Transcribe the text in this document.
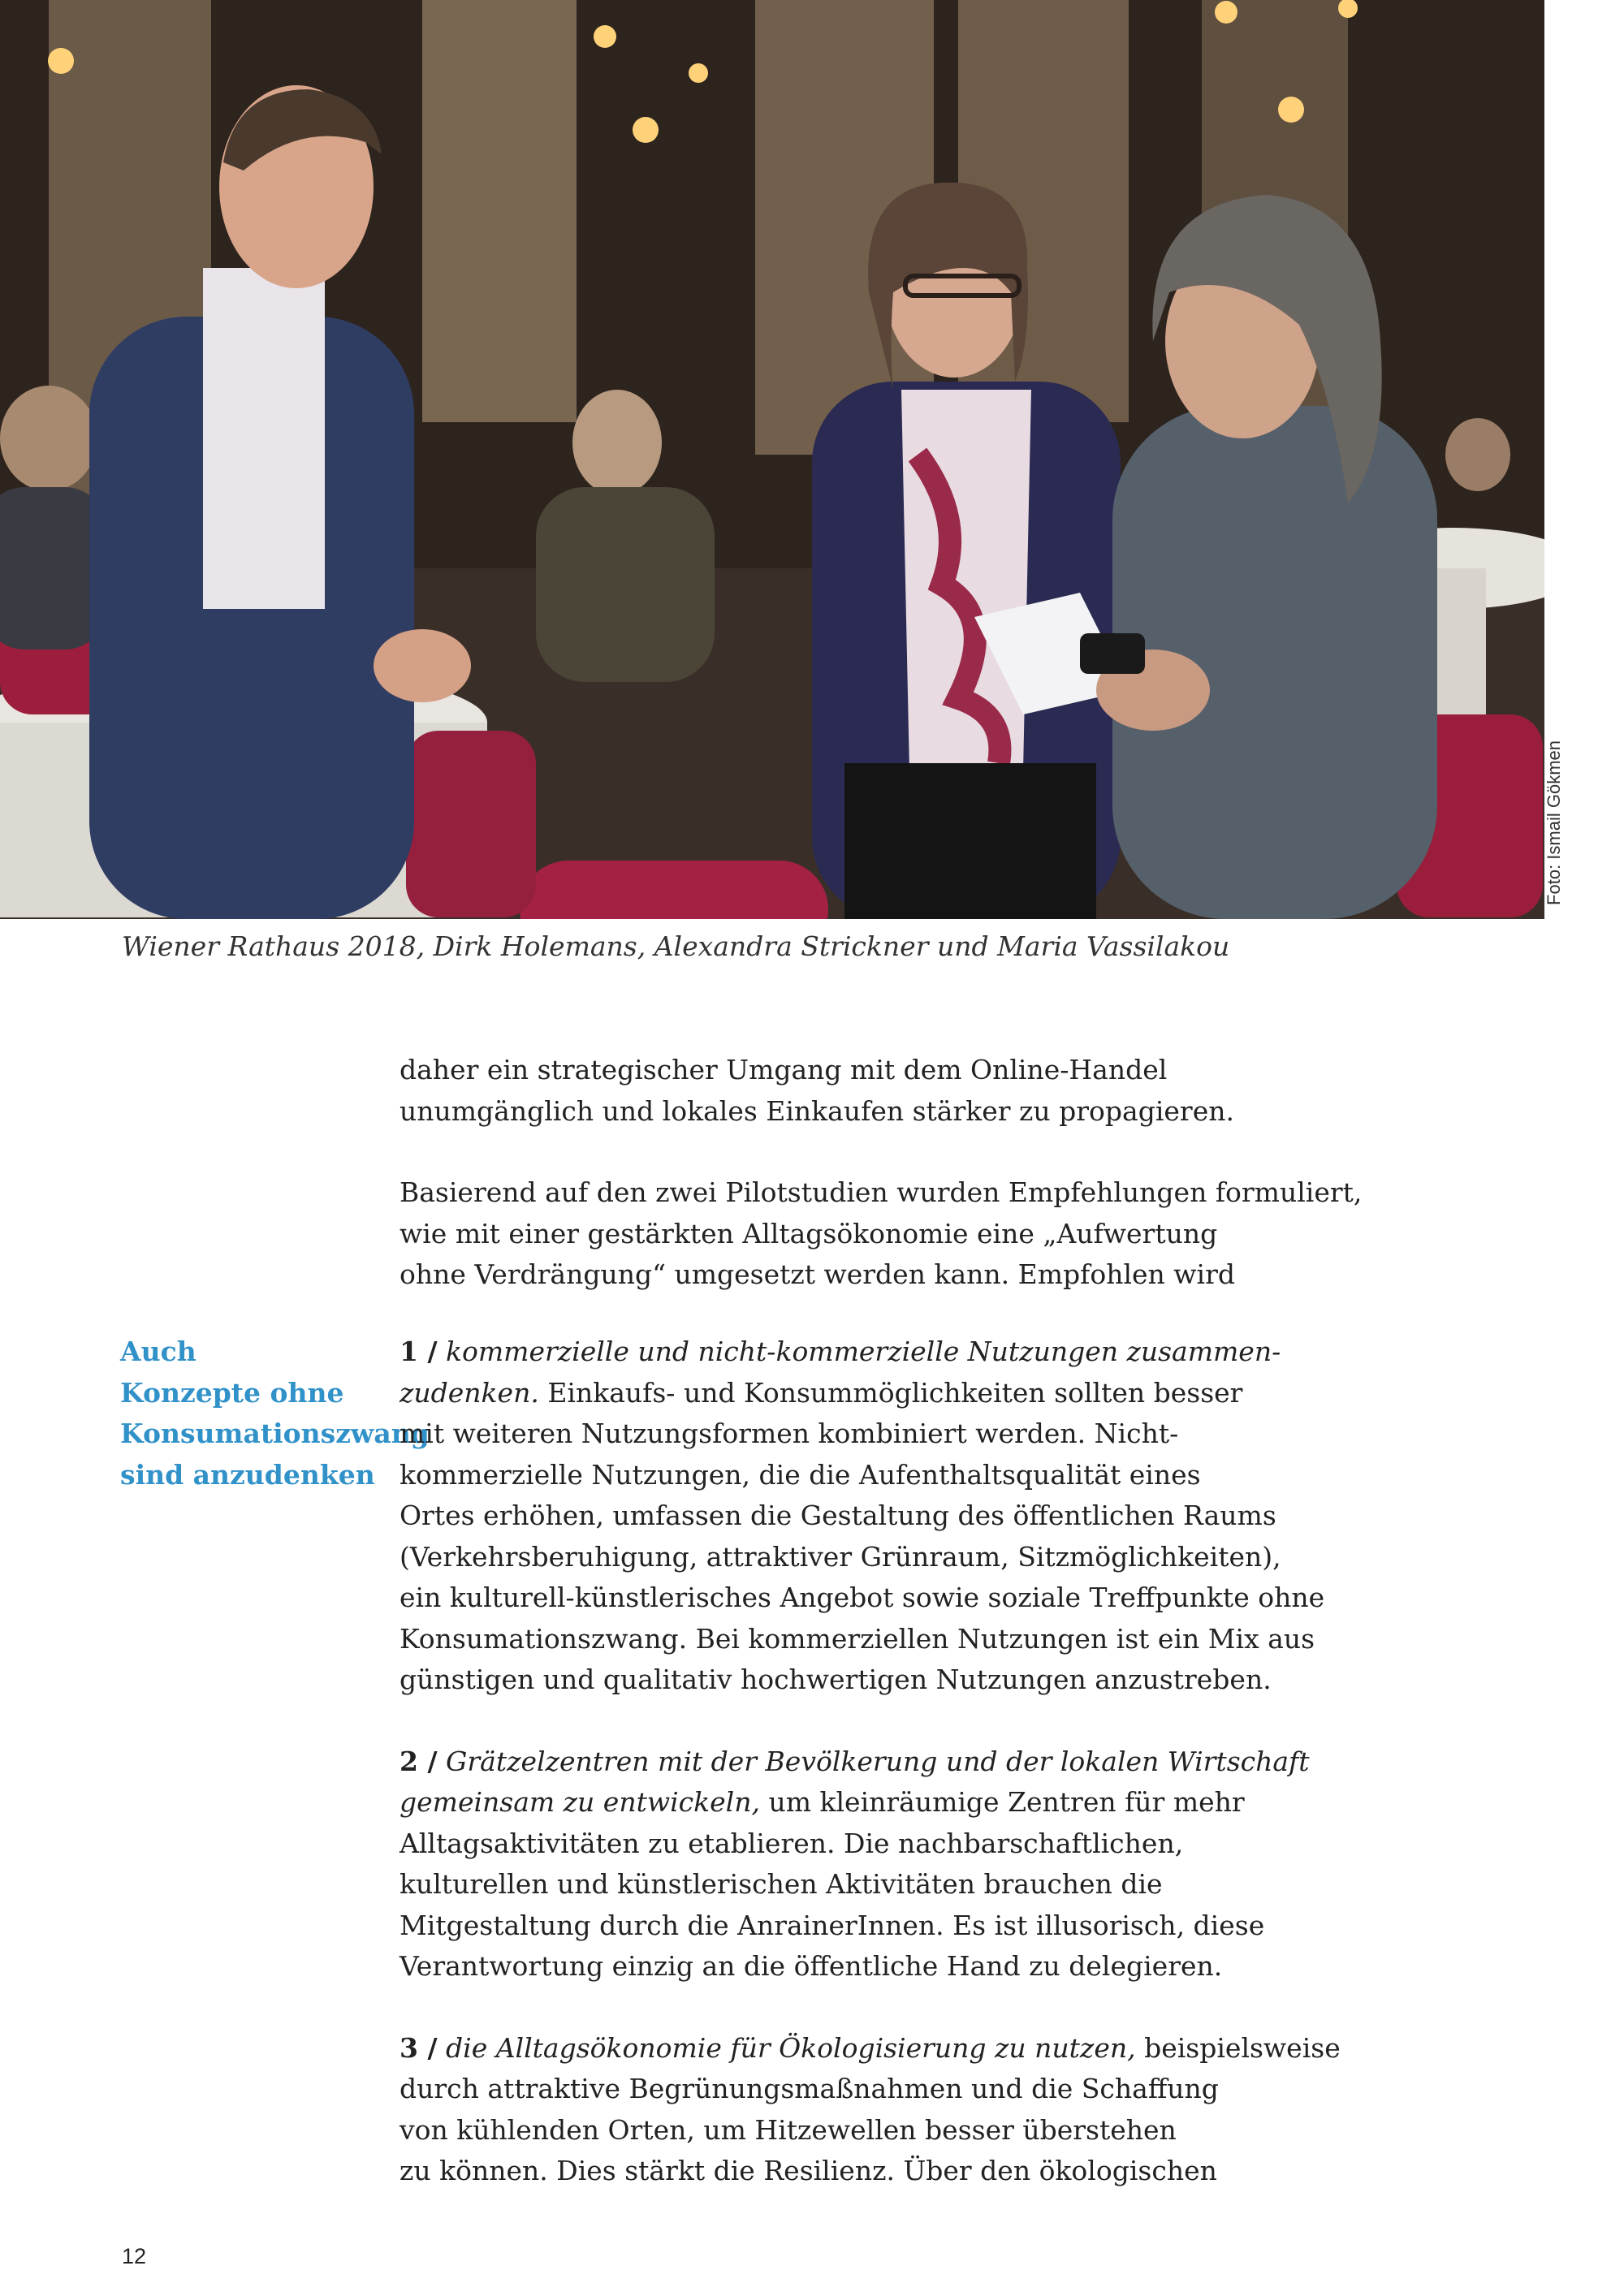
Foto: Ismail Gökmen
Wiener Rathaus 2018, Dirk Holemans, Alexandra Strickner und Maria Vassilakou

daher ein strategischer Umgang mit dem Online-Handel
unumgänglich und lokales Einkaufen stärker zu propagieren.

Basierend auf den zwei Pilotstudien wurden Empfehlungen formuliert,
wie mit einer gestärkten Alltagsökonomie eine „Aufwertung
ohne Verdrängung“ umgesetzt werden kann. Empfohlen wird

Auch
Konzepte ohne
Konsumationszwang
sind anzudenken

1 / kommerzielle und nicht-kommerzielle Nutzungen zusammen-
zudenken. Einkaufs- und Konsummöglichkeiten sollten besser
mit weiteren Nutzungsformen kombiniert werden. Nicht-
kommerzielle Nutzungen, die die Aufenthaltsqualität eines
Ortes erhöhen, umfassen die Gestaltung des öffentlichen Raums
(Verkehrsberuhigung, attraktiver Grünraum, Sitzmöglichkeiten),
ein kulturell-künstlerisches Angebot sowie soziale Treffpunkte ohne
Konsumationszwang. Bei kommerziellen Nutzungen ist ein Mix aus
günstigen und qualitativ hochwertigen Nutzungen anzustreben.

2 / Grätzelzentren mit der Bevölkerung und der lokalen Wirtschaft
gemeinsam zu entwickeln, um kleinräumige Zentren für mehr
Alltagsaktivitäten zu etablieren. Die nachbarschaftlichen,
kulturellen und künstlerischen Aktivitäten brauchen die
Mitgestaltung durch die AnrainerInnen. Es ist illusorisch, diese
Verantwortung einzig an die öffentliche Hand zu delegieren.

3 / die Alltagsökonomie für Ökologisierung zu nutzen, beispielsweise
durch attraktive Begrünungsmaßnahmen und die Schaffung
von kühlenden Orten, um Hitzewellen besser überstehen
zu können. Dies stärkt die Resilienz. Über den ökologischen

12
